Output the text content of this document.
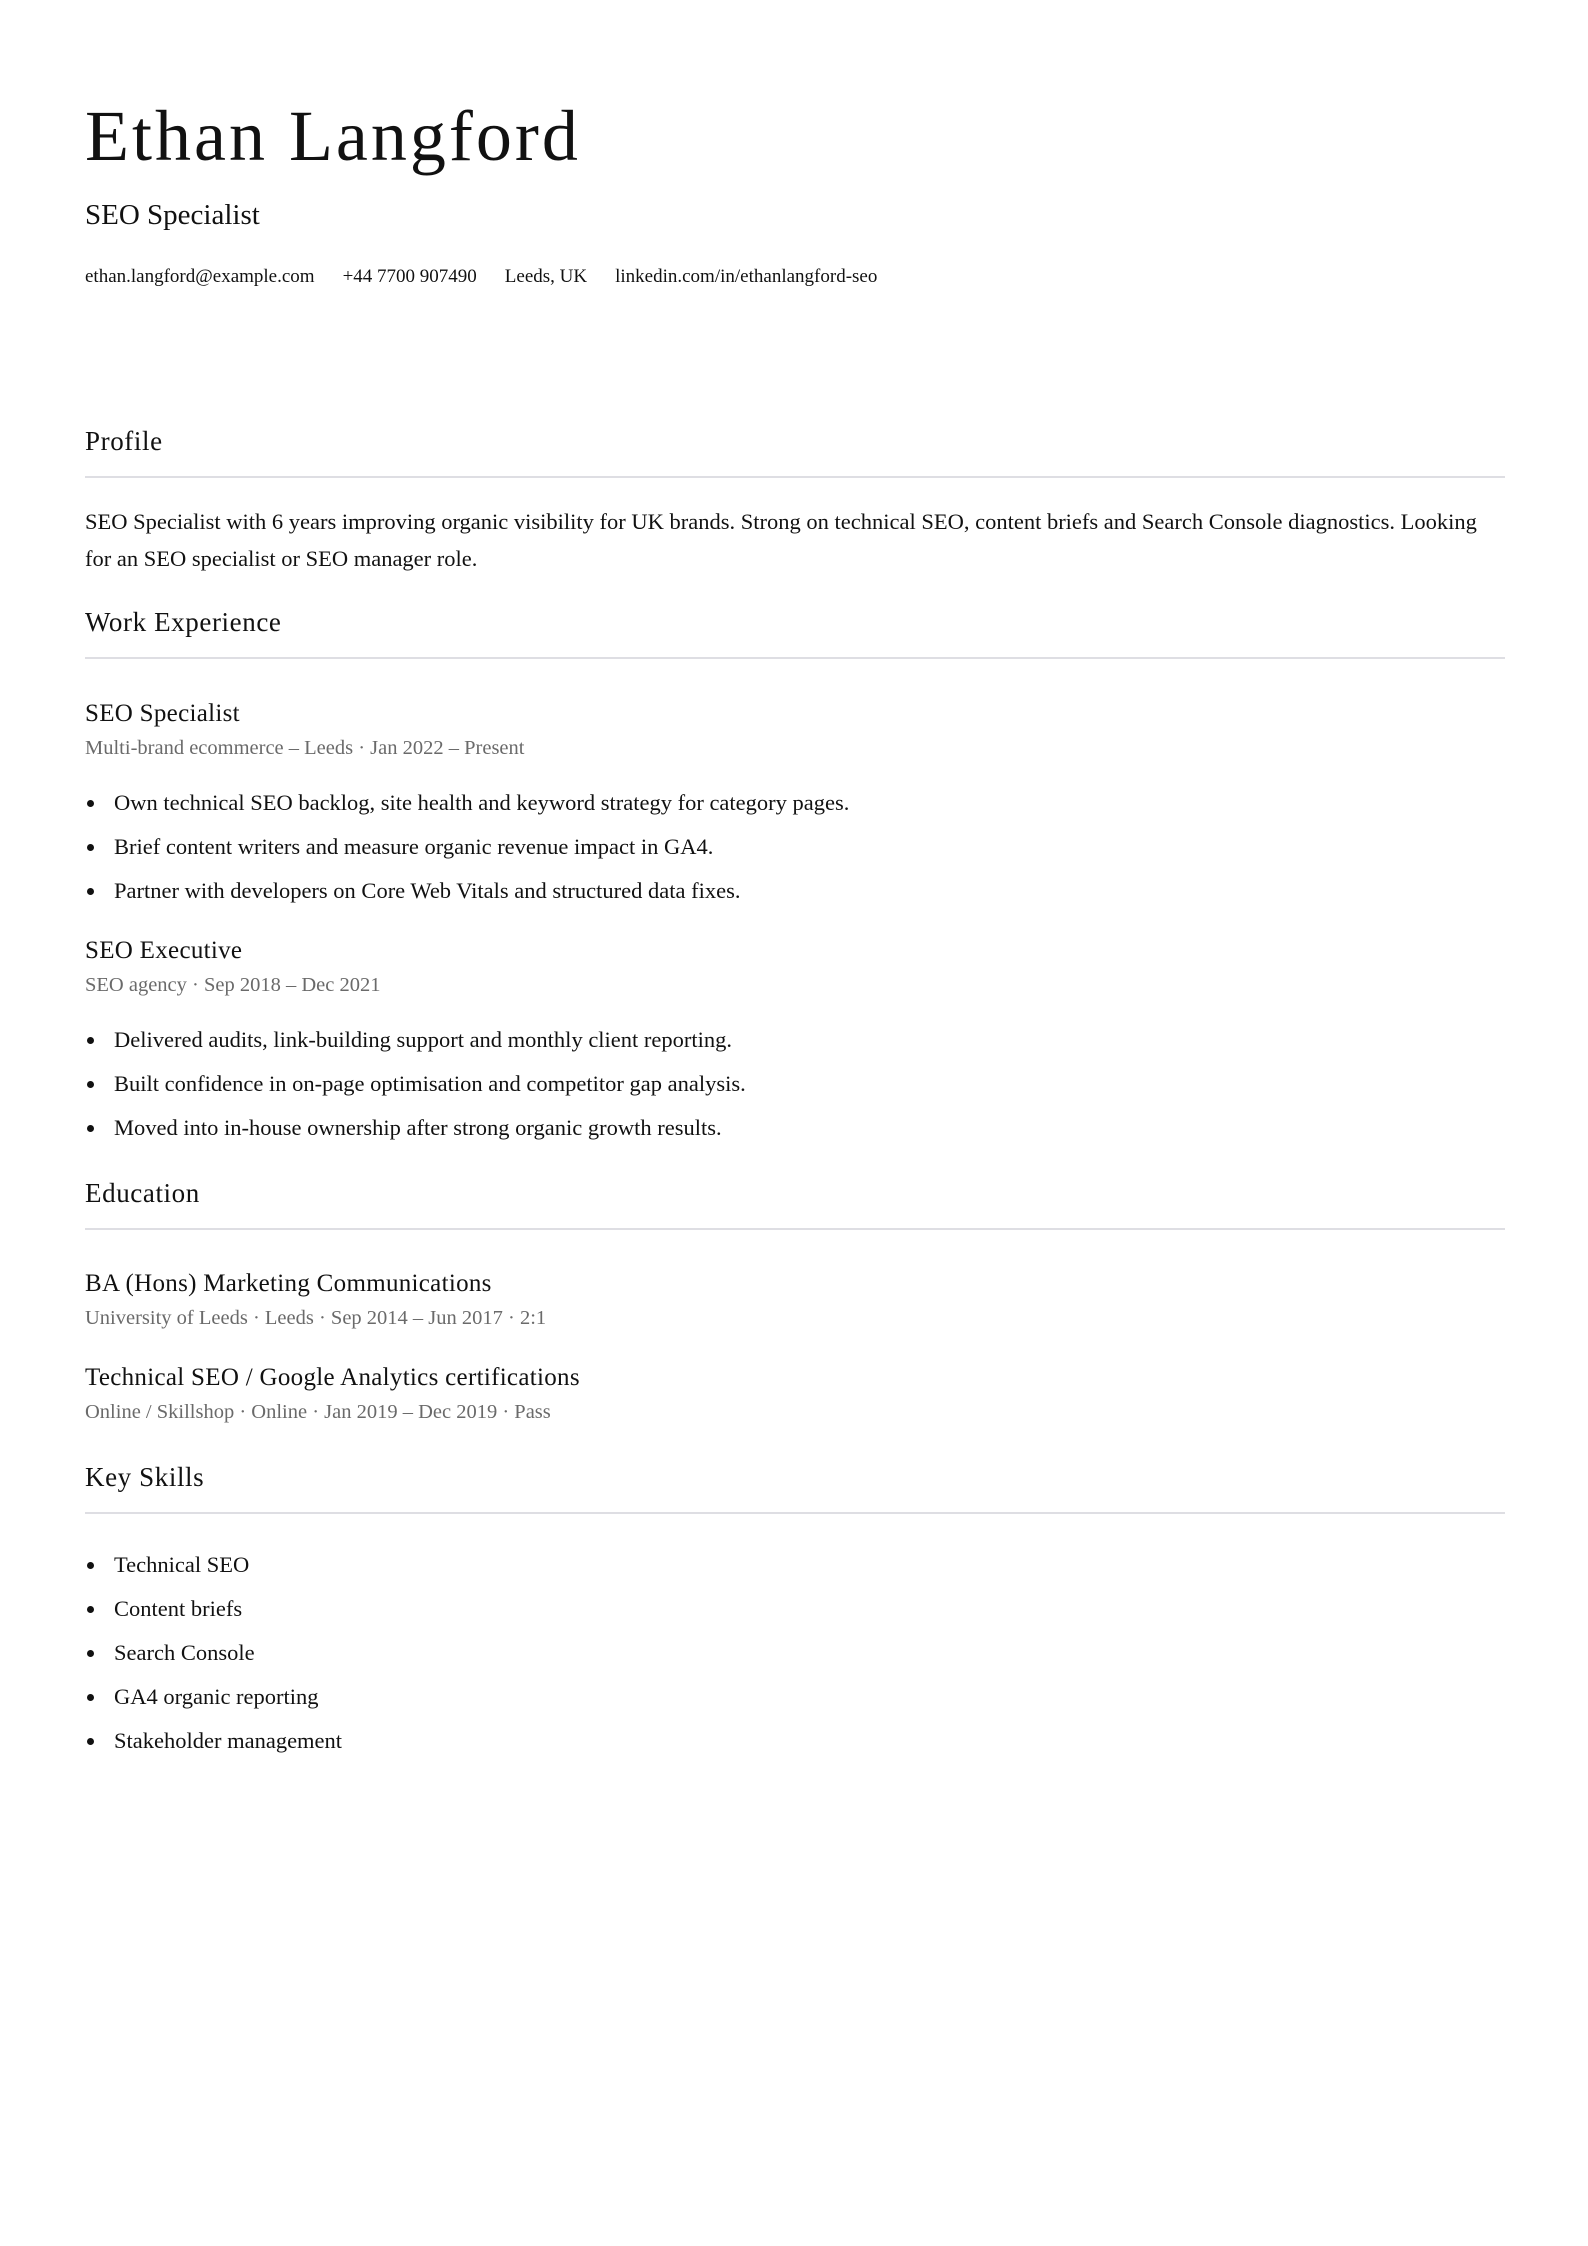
Ethan Langford
SEO Specialist
ethan.langford@example.com +44 7700 907490 Leeds, UK linkedin.com/in/ethanlangford-seo
Profile
SEO Specialist with 6 years improving organic visibility for UK brands. Strong on technical SEO, content briefs and Search Console diagnostics. Looking for an SEO specialist or SEO manager role.
Work Experience
SEO Specialist
Multi-brand ecommerce – Leeds · Jan 2022 – Present
Own technical SEO backlog, site health and keyword strategy for category pages.
Brief content writers and measure organic revenue impact in GA4.
Partner with developers on Core Web Vitals and structured data fixes.
SEO Executive
SEO agency · Sep 2018 – Dec 2021
Delivered audits, link-building support and monthly client reporting.
Built confidence in on-page optimisation and competitor gap analysis.
Moved into in-house ownership after strong organic growth results.
Education
BA (Hons) Marketing Communications
University of Leeds · Leeds · Sep 2014 – Jun 2017 · 2:1
Technical SEO / Google Analytics certifications
Online / Skillshop · Online · Jan 2019 – Dec 2019 · Pass
Key Skills
Technical SEO
Content briefs
Search Console
GA4 organic reporting
Stakeholder management
